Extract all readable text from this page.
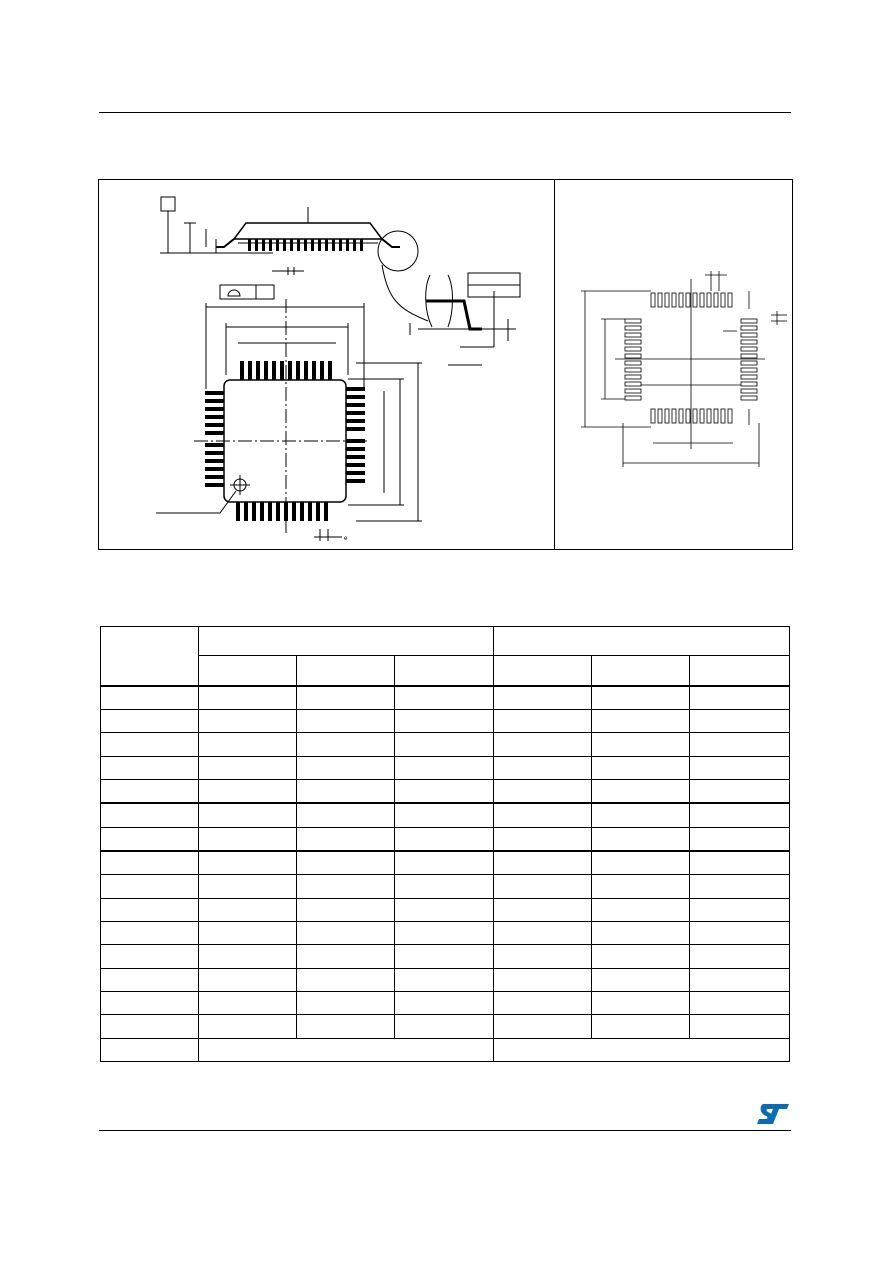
e
